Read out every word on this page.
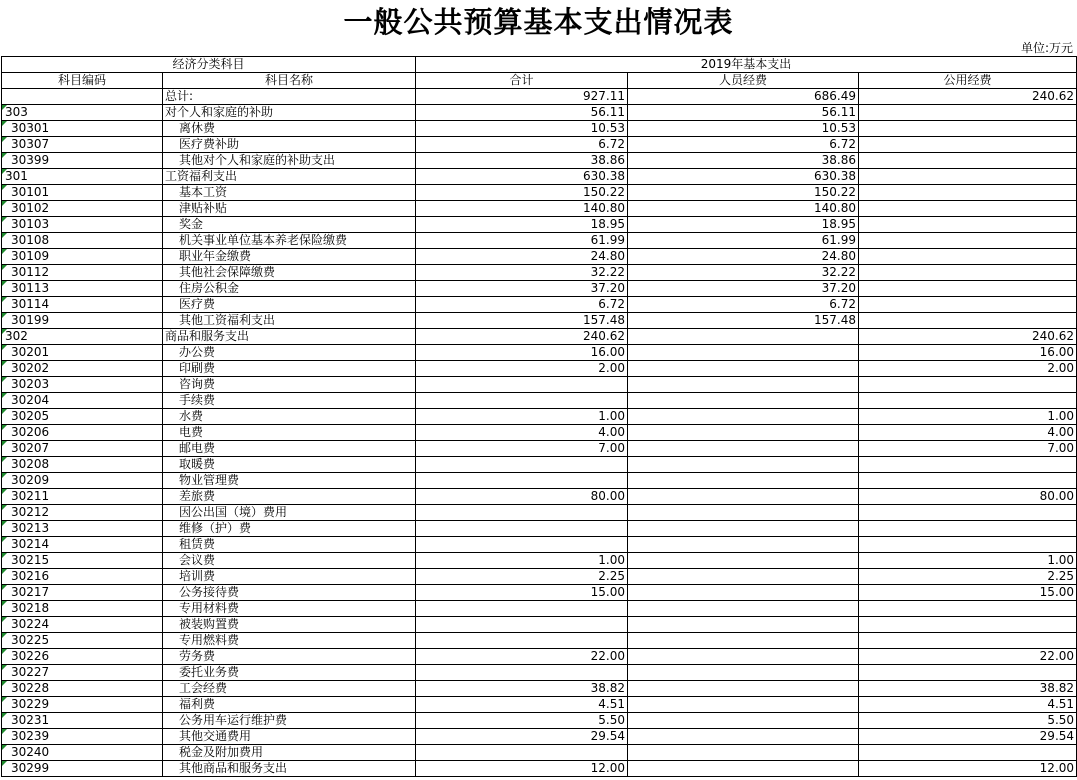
一般公共预算基本支出情况表
单位:万元
经济分类科目		2019年基本支出		
科目编码	科目名称	合计	人员经费	公用经费
	总计:	927.11	686.49	240.62
303	对个人和家庭的补助	56.11	56.11	
30301	离休费	10.53	10.53	
30307	医疗费补助	6.72	6.72	
30399	其他对个人和家庭的补助支出	38.86	38.86	
301	工资福利支出	630.38	630.38	
30101	基本工资	150.22	150.22	
30102	津贴补贴	140.80	140.80	
30103	奖金	18.95	18.95	
30108	机关事业单位基本养老保险缴费	61.99	61.99	
30109	职业年金缴费	24.80	24.80	
30112	其他社会保障缴费	32.22	32.22	
30113	住房公积金	37.20	37.20	
30114	医疗费	6.72	6.72	
30199	其他工资福利支出	157.48	157.48	
302	商品和服务支出	240.62		240.62
30201	办公费	16.00		16.00
30202	印刷费	2.00		2.00
30203	咨询费			
30204	手续费			
30205	水费	1.00		1.00
30206	电费	4.00		4.00
30207	邮电费	7.00		7.00
30208	取暖费			
30209	物业管理费			
30211	差旅费	80.00		80.00
30212	因公出国（境）费用			
30213	维修（护）费			
30214	租赁费			
30215	会议费	1.00		1.00
30216	培训费	2.25		2.25
30217	公务接待费	15.00		15.00
30218	专用材料费			
30224	被装购置费			
30225	专用燃料费			
30226	劳务费	22.00		22.00
30227	委托业务费			
30228	工会经费	38.82		38.82
30229	福利费	4.51		4.51
30231	公务用车运行维护费	5.50		5.50
30239	其他交通费用	29.54		29.54
30240	税金及附加费用			
30299	其他商品和服务支出	12.00		12.00
